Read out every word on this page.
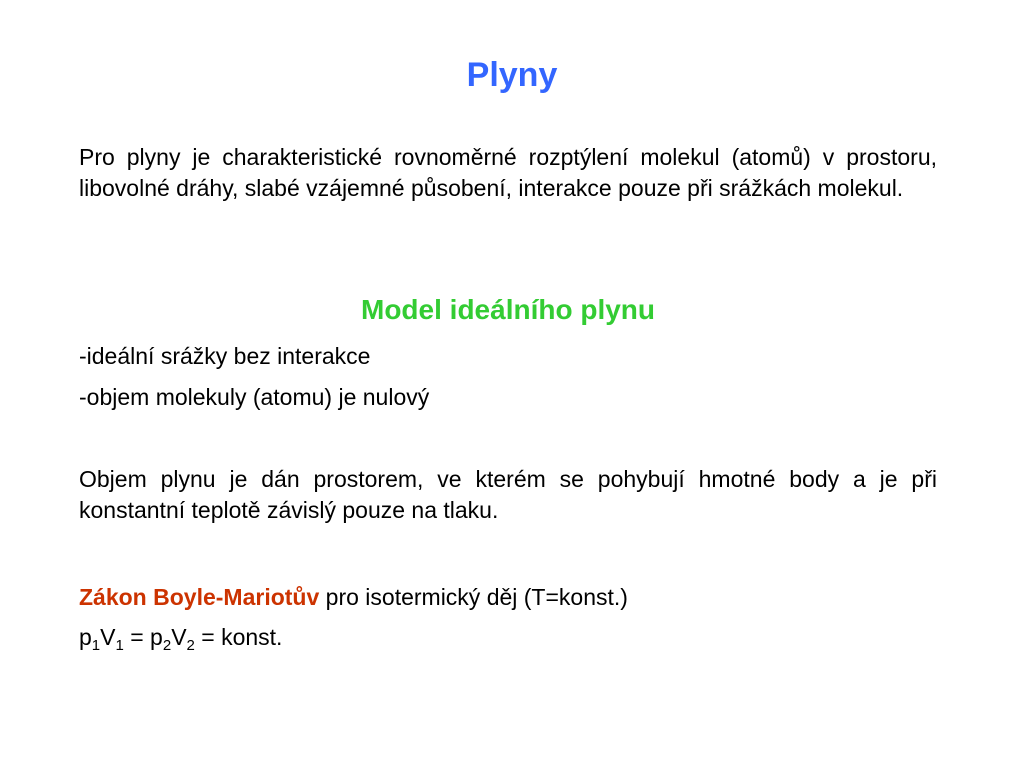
Plyny

Pro plyny je charakteristické rovnoměrné rozptýlení molekul (atomů) v prostoru, libovolné dráhy, slabé vzájemné působení, interakce pouze při srážkách molekul.

Model ideálního plynu

-ideální srážky bez interakce

-objem molekuly (atomu) je nulový

Objem plynu je dán prostorem, ve kterém se pohybují hmotné body a je při konstantní teplotě závislý pouze na tlaku.

Zákon Boyle-Mariotův pro isotermický děj (T=konst.)

$p_1V_1 = p_2V_2$ = konst.
